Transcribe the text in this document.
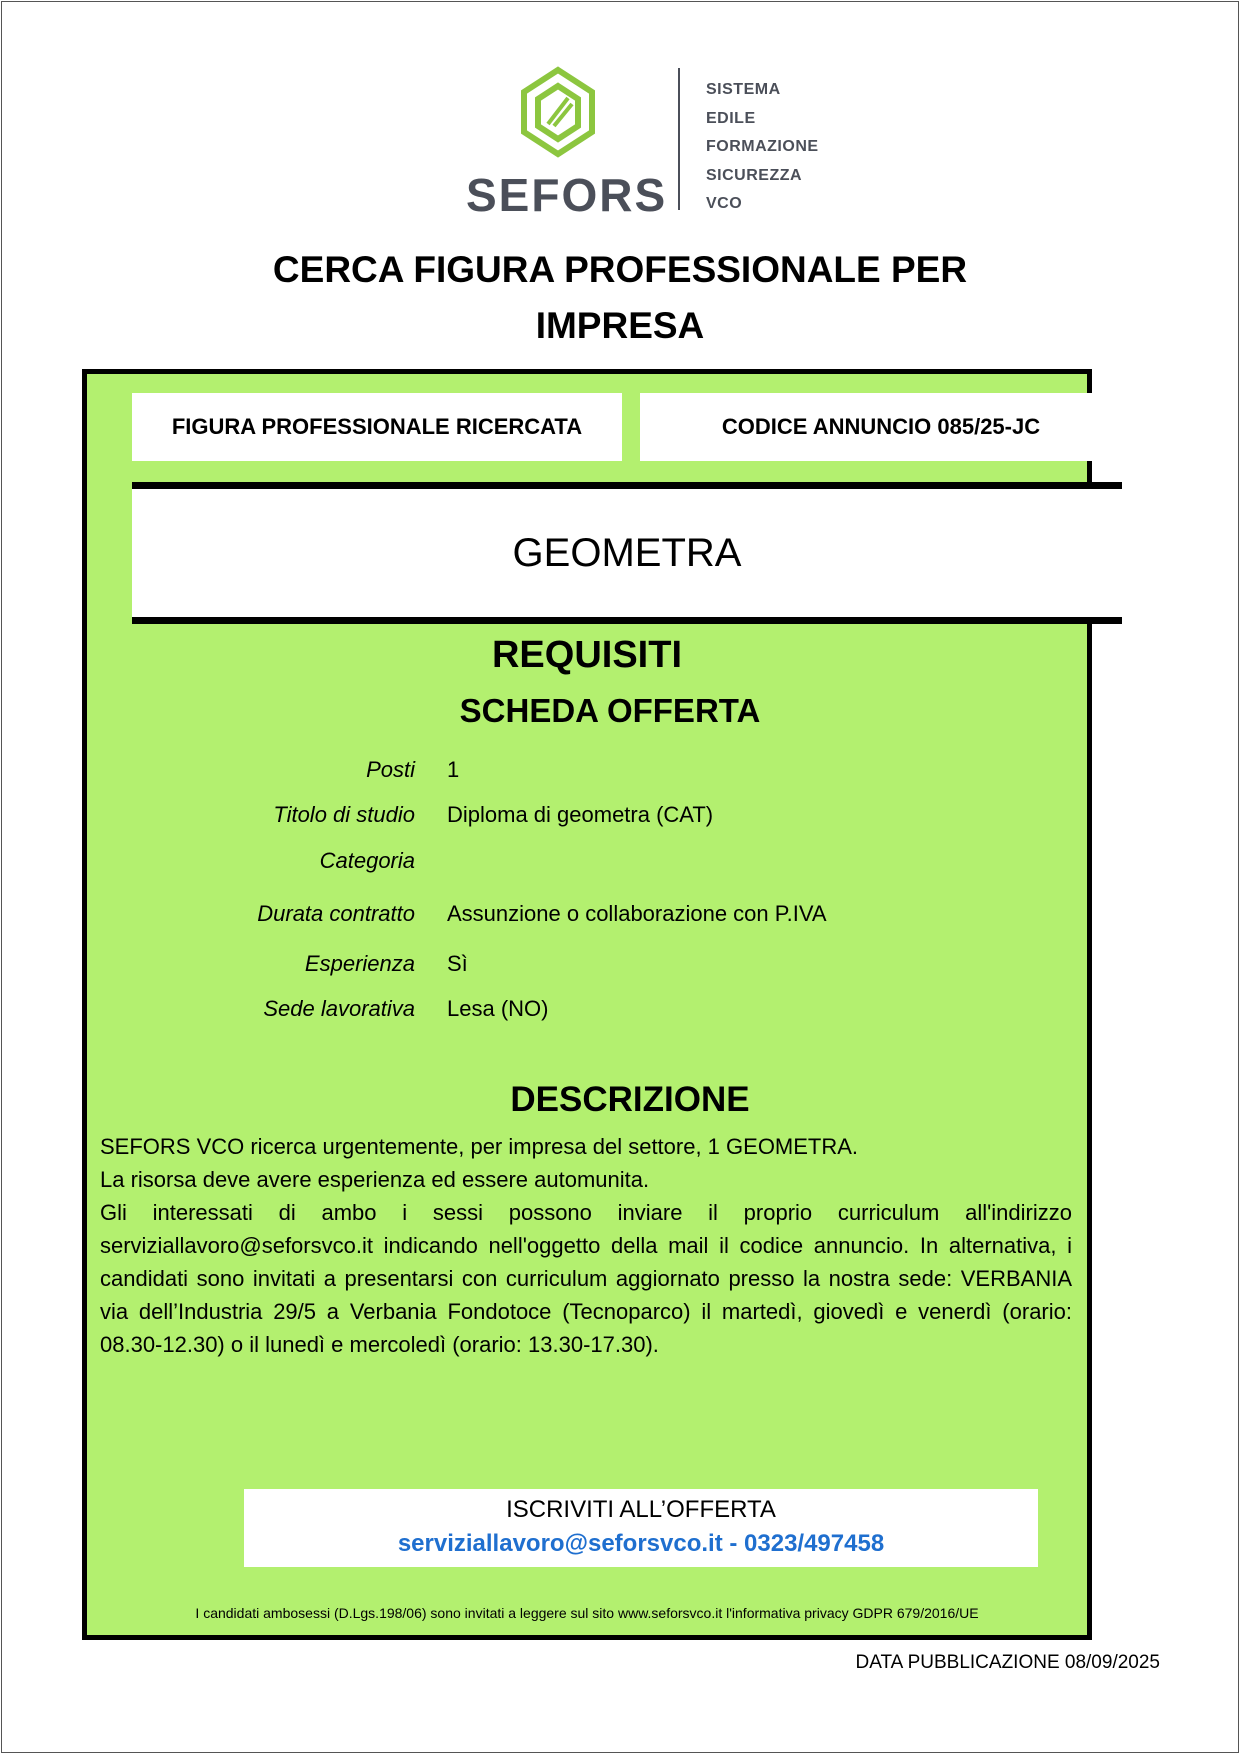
SEFORS
SISTEMA
EDILE
FORMAZIONE
SICUREZZA
VCO
CERCA FIGURA PROFESSIONALE PER
IMPRESA
FIGURA PROFESSIONALE RICERCATA	CODICE ANNUNCIO 085/25-JC
GEOMETRA
REQUISITI
SCHEDA OFFERTA
Posti 1
Titolo di studio Diploma di geometra (CAT)
Categoria
Durata contratto Assunzione o collaborazione con P.IVA
Esperienza Sì
Sede lavorativa Lesa (NO)
DESCRIZIONE

SEFORS VCO ricerca urgentemente, per impresa del settore, 1 GEOMETRA.

La risorsa deve avere esperienza ed essere automunita.

Gli interessati di ambo i sessi possono inviare il proprio curriculum all'indirizzo serviziallavoro@seforsvco.it indicando nell'oggetto della mail il codice annuncio. In alternativa, i candidati sono invitati a presentarsi con curriculum aggiornato presso la nostra sede: VERBANIA via dell’Industria 29/5 a Verbania Fondotoce (Tecnoparco) il martedì, giovedì e venerdì (orario: 08.30-12.30) o il lunedì e mercoledì (orario: 13.30-17.30).

ISCRIVITI ALL’OFFERTA
serviziallavoro@seforsvco.it - 0323/497458
I candidati ambosessi (D.Lgs.198/06) sono invitati a leggere sul sito www.seforsvco.it l'informativa privacy GDPR 679/2016/UE
DATA PUBBLICAZIONE 08/09/2025
